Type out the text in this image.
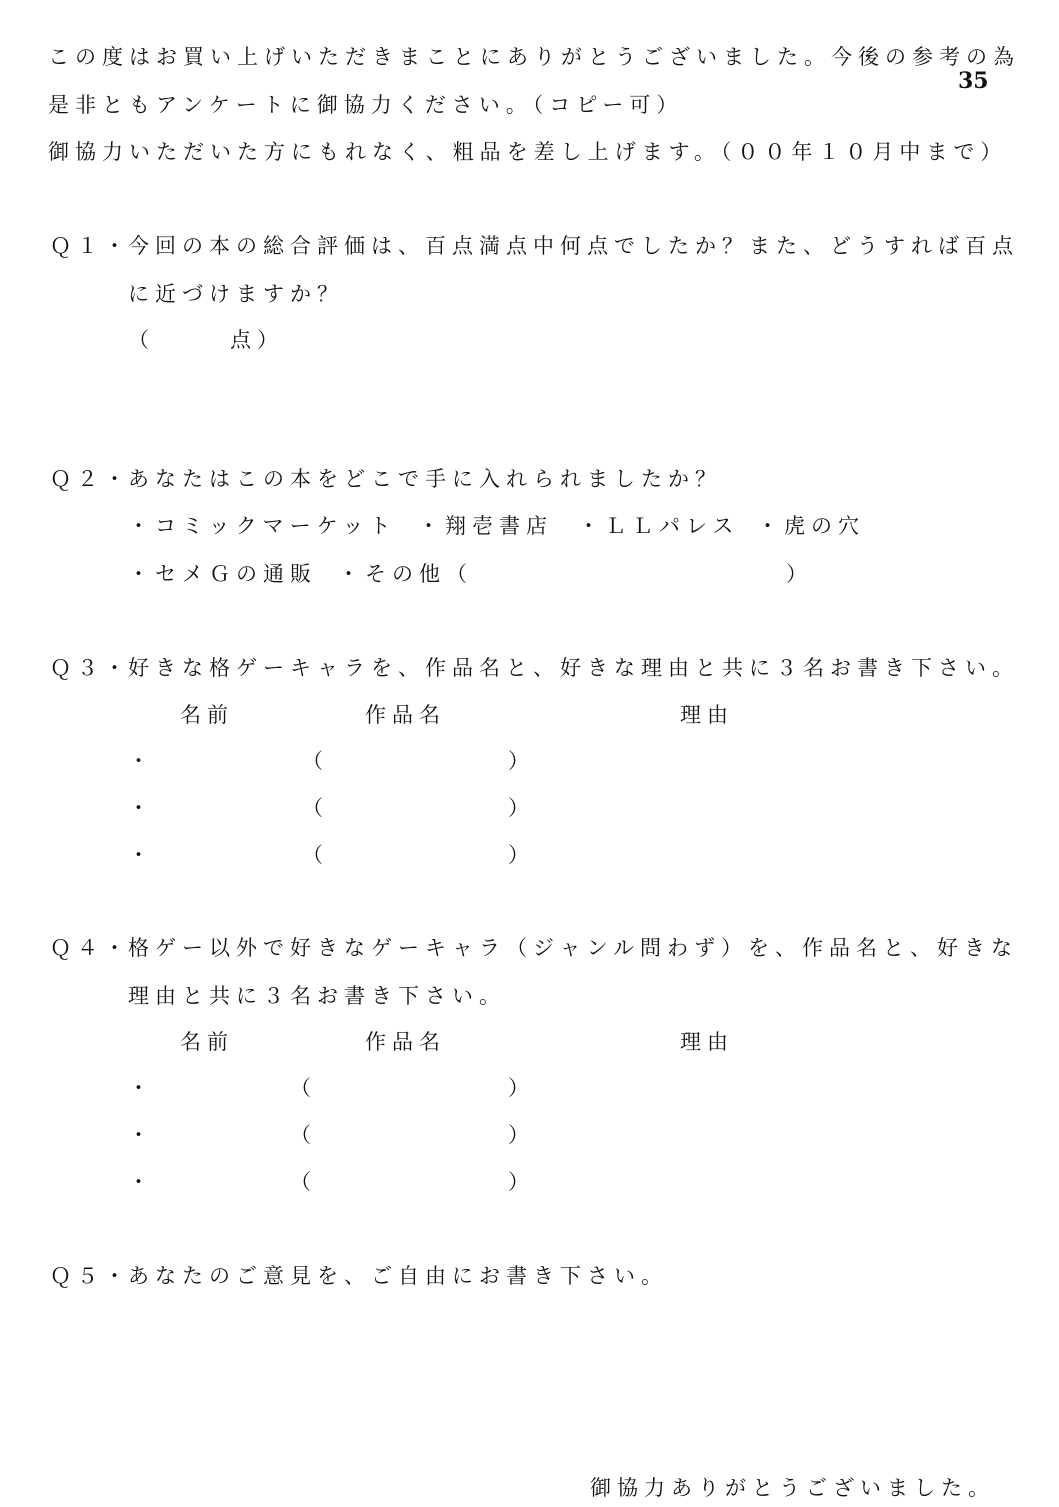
35
この度はお買い上げいただきまことにありがとうございました。今後の参考の為
是非ともアンケートに御協力ください。（コピー可）
御協力いただいた方にもれなく、粗品を差し上げます。（００年１０月中まで）
Ｑ１・
今回の本の総合評価は、百点満点中何点でしたか？また、どうすれば百点
に近づけますか？
（	点）
Ｑ２・
あなたはこの本をどこで手に入れられましたか？
・コミックマーケット ・翔壱書店 ・ＬＬパレス ・虎の穴
・セメＧの通販 ・その他（	）
Ｑ３・
好きな格ゲーキャラを、作品名と、好きな理由と共に３名お書き下さい。
名前	作品名	理由
・	（	）
・	（	）
・	（	）
Ｑ４・
格ゲー以外で好きなゲーキャラ（ジャンル問わず）を、作品名と、好きな
理由と共に３名お書き下さい。
名前	作品名	理由
・	（	）
・	（	）
・	（	）
Ｑ５・
あなたのご意見を、ご自由にお書き下さい。
御協力ありがとうございました。
